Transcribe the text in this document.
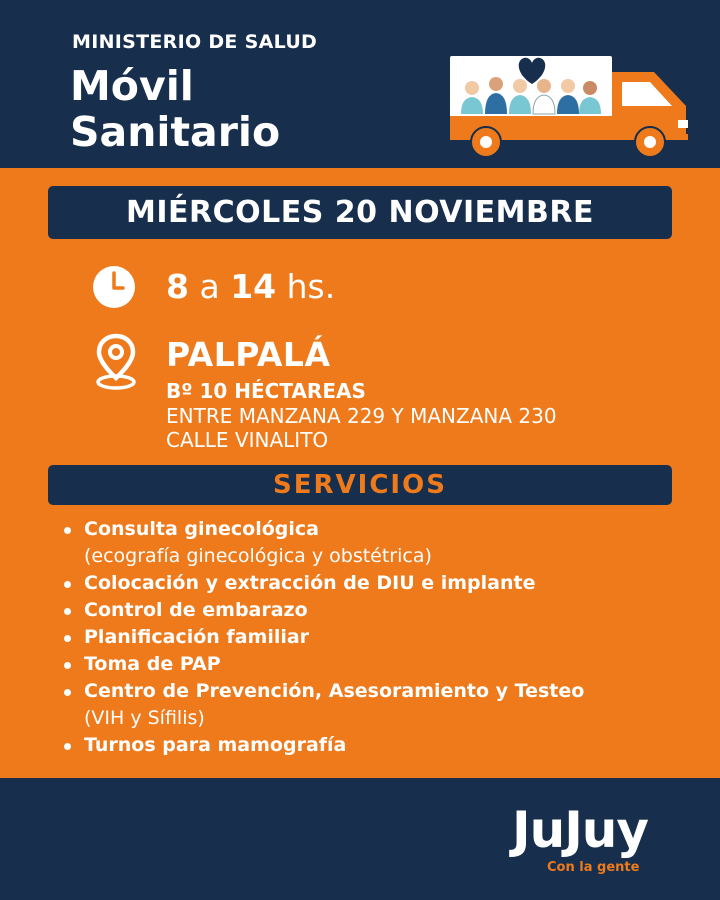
MINISTERIO DE SALUD
Móvil
Sanitario
MIÉRCOLES 20 NOVIEMBRE
8 a 14 hs.
PALPALÁ
Bº 10 HÉCTAREAS
ENTRE MANZANA 229 Y MANZANA 230
CALLE VINALITO
SERVICIOS
Consulta ginecológica
(ecografía ginecológica y obstétrica)
Colocación y extracción de DIU e implante
Control de embarazo
Planificación familiar
Toma de PAP
Centro de Prevención, Asesoramiento y Testeo
(VIH y Sífilis)
Turnos para mamografía
JuJuy
Con la gente
